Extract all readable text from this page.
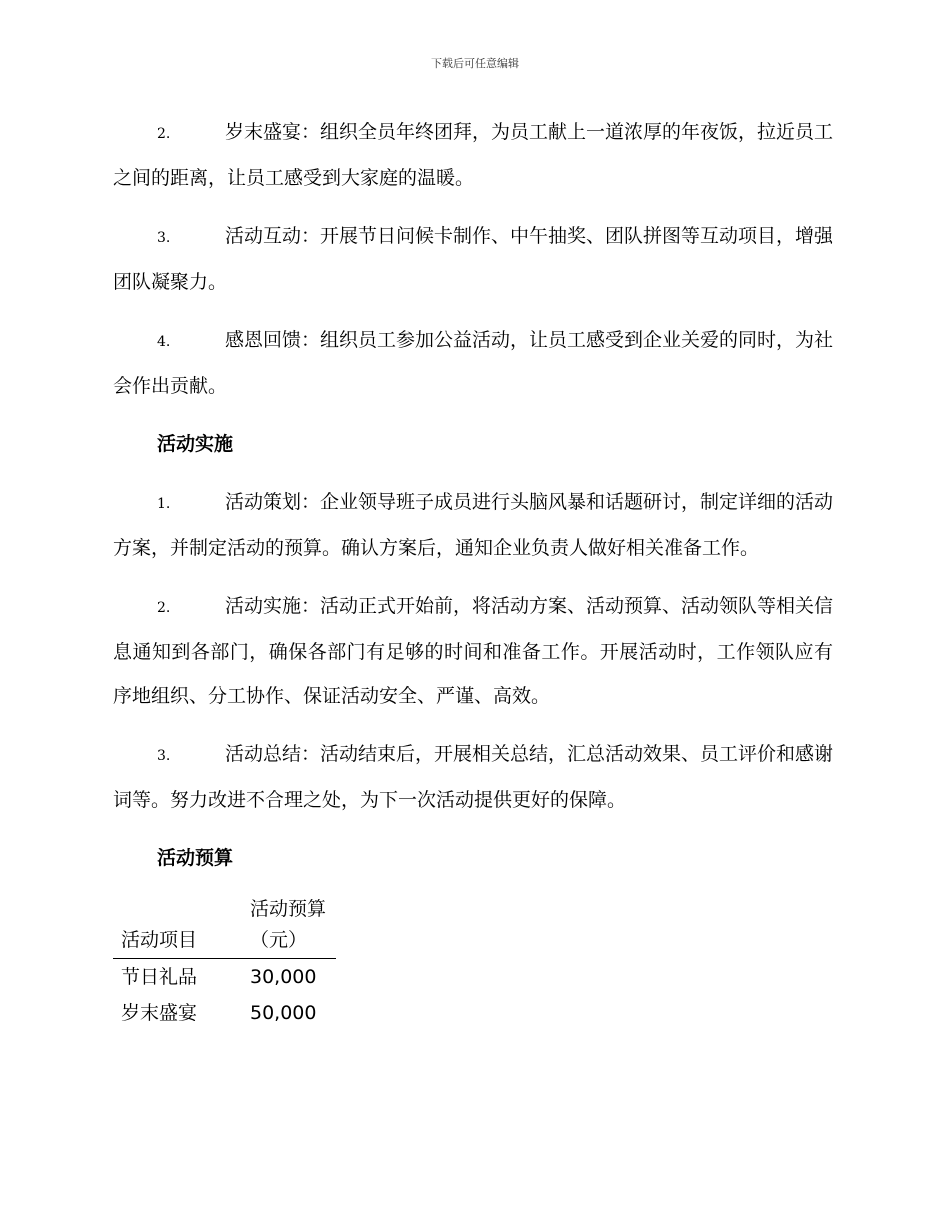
下载后可任意编辑
2.	岁末盛宴：组织全员年终团拜，为员工献上一道浓厚的年夜饭，拉近员工之间的距离，让员工感受到大家庭的温暖。
3.	活动互动：开展节日问候卡制作、中午抽奖、团队拼图等互动项目，增强团队凝聚力。
4.	感恩回馈：组织员工参加公益活动，让员工感受到企业关爱的同时，为社会作出贡献。
活动实施
1.	活动策划：企业领导班子成员进行头脑风暴和话题研讨，制定详细的活动方案，并制定活动的预算。确认方案后，通知企业负责人做好相关准备工作。
2.	活动实施：活动正式开始前，将活动方案、活动预算、活动领队等相关信息通知到各部门，确保各部门有足够的时间和准备工作。开展活动时，工作领队应有序地组织、分工协作、保证活动安全、严谨、高效。
3.	活动总结：活动结束后，开展相关总结，汇总活动效果、员工评价和感谢词等。努力改进不合理之处，为下一次活动提供更好的保障。
活动预算
活动项目	活动预算（元）
节日礼品	30,000
岁末盛宴	50,000
